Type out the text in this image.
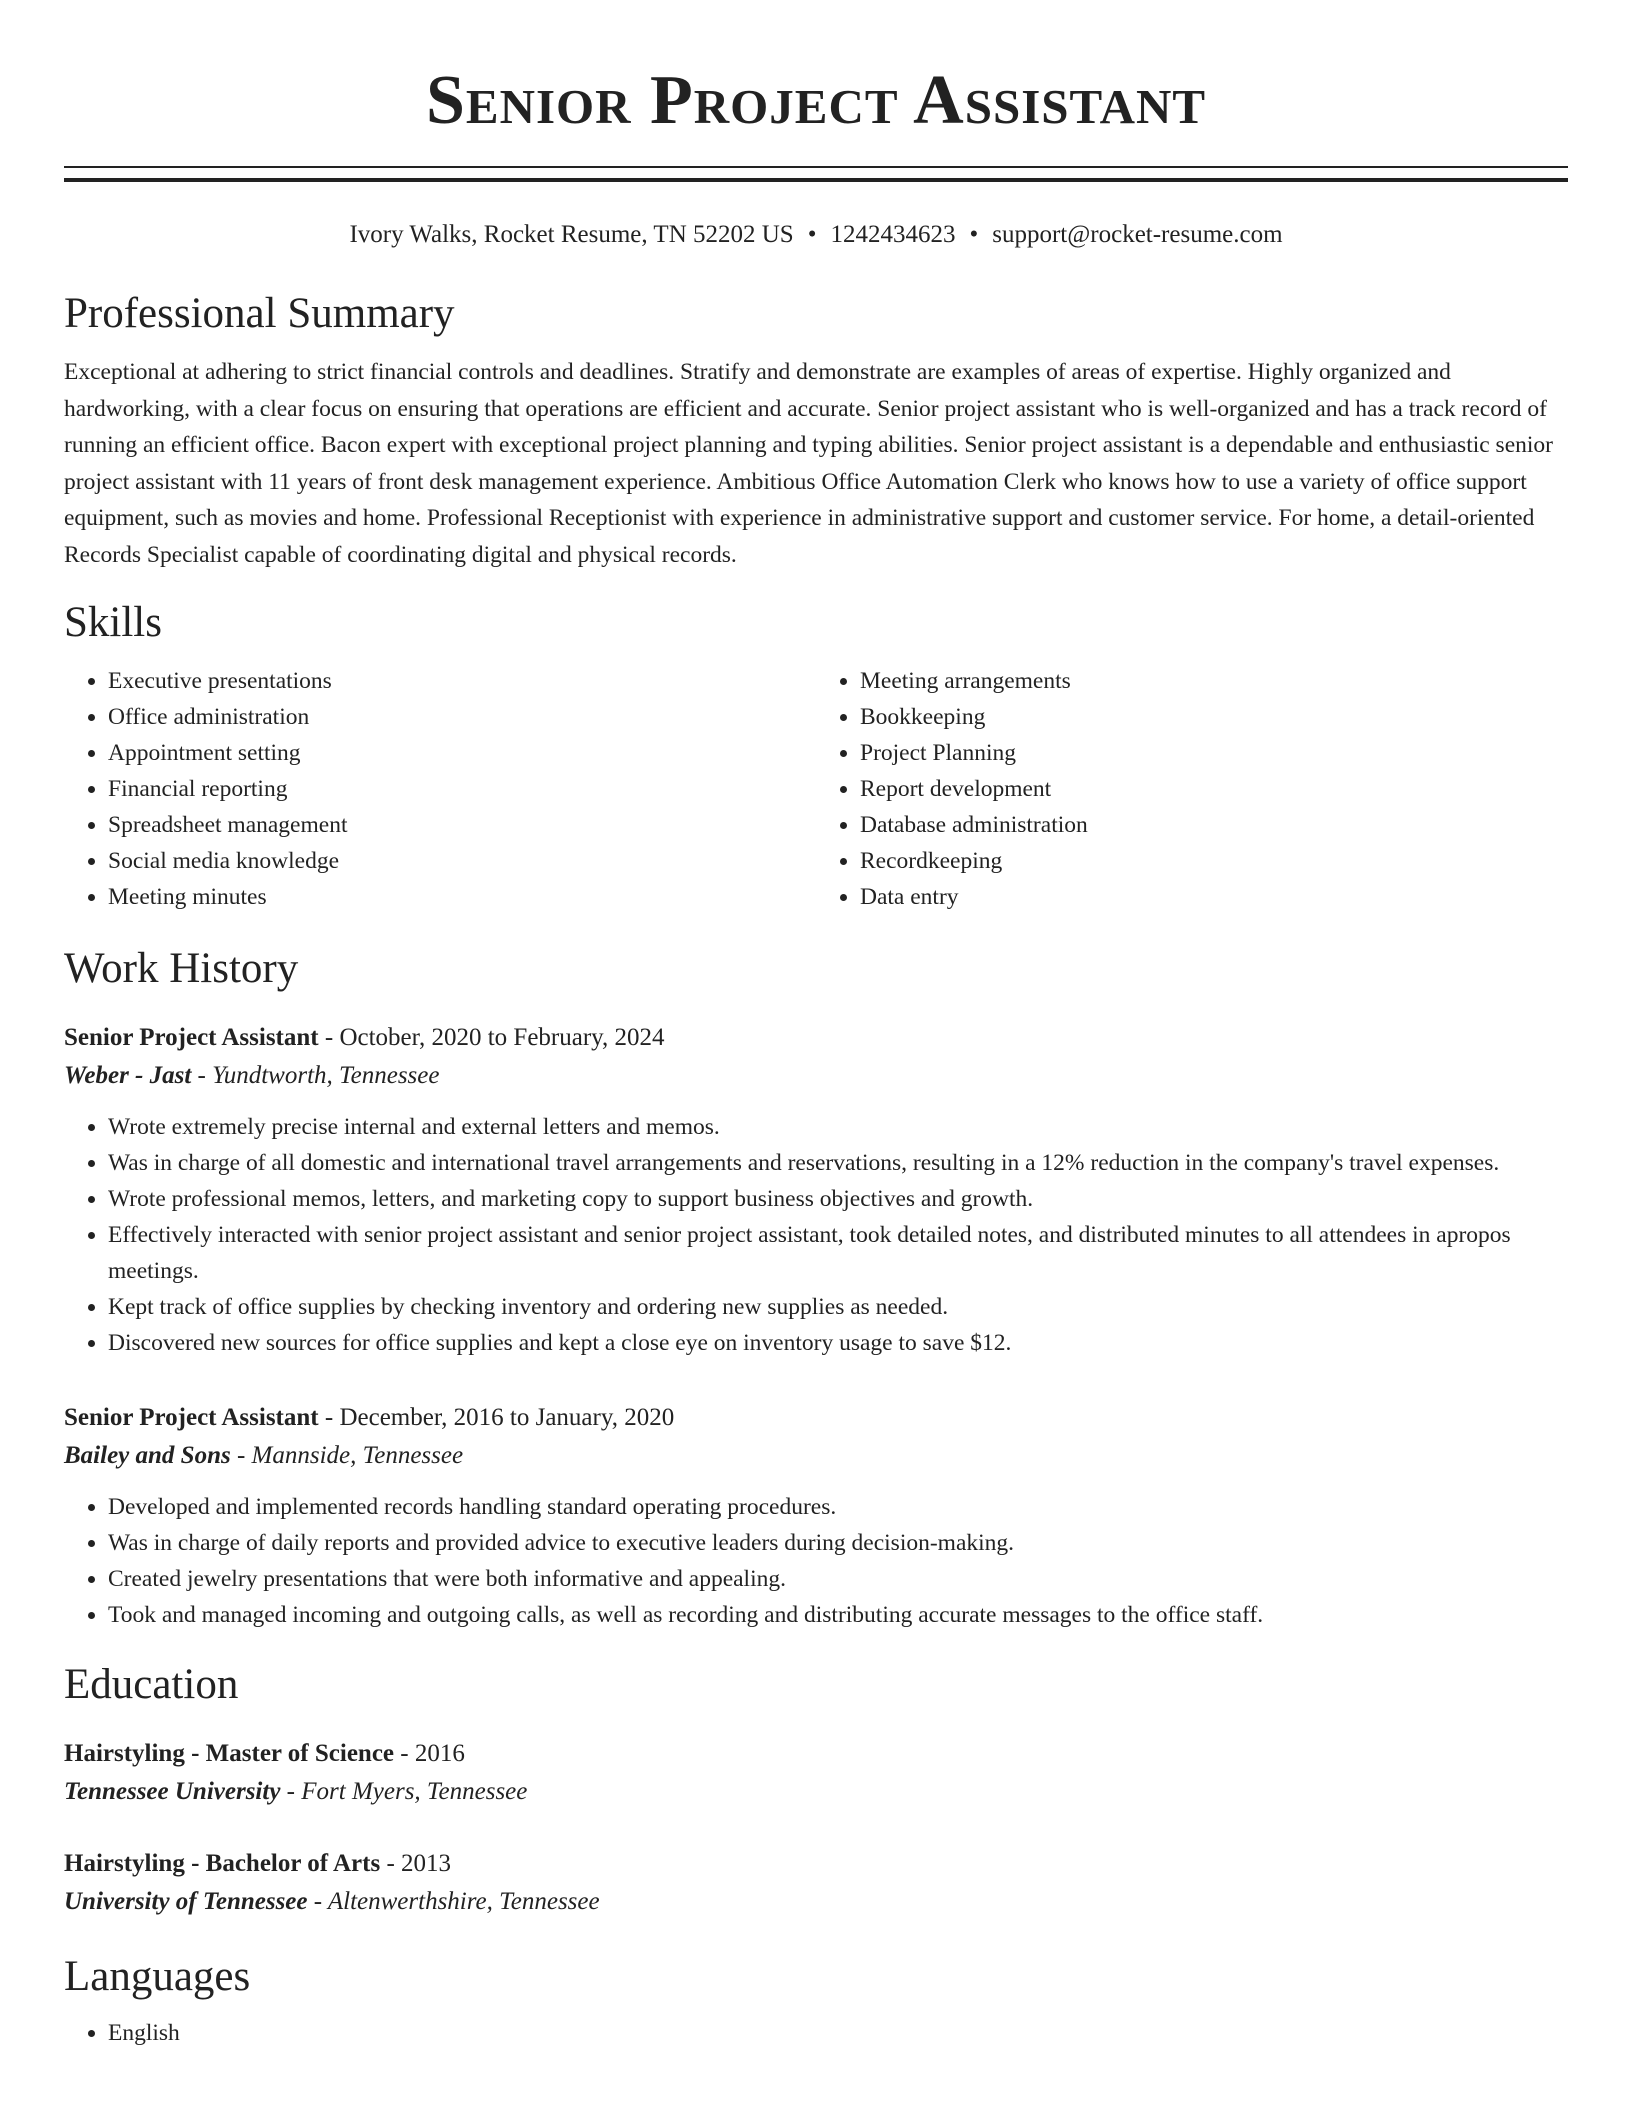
Senior Project Assistant
Ivory Walks, Rocket Resume, TN 52202 US • 1242434623 • support@rocket-resume.com
Professional Summary

Exceptional at adhering to strict financial controls and deadlines. Stratify and demonstrate are examples of areas of expertise. Highly organized and hardworking, with a clear focus on ensuring that operations are efficient and accurate. Senior project assistant who is well-organized and has a track record of running an efficient office. Bacon expert with exceptional project planning and typing abilities. Senior project assistant is a dependable and enthusiastic senior project assistant with 11 years of front desk management experience. Ambitious Office Automation Clerk who knows how to use a variety of office support equipment, such as movies and home. Professional Receptionist with experience in administrative support and customer service. For home, a detail-oriented Records Specialist capable of coordinating digital and physical records.

Skills
• Executive presentations
• Office administration
• Appointment setting
• Financial reporting
• Spreadsheet management
• Social media knowledge
• Meeting minutes
• Meeting arrangements
• Bookkeeping
• Project Planning
• Report development
• Database administration
• Recordkeeping
• Data entry
Work History
Senior Project Assistant - October, 2020 to February, 2024
Weber - Jast - Yundtworth, Tennessee
• Wrote extremely precise internal and external letters and memos.
• Was in charge of all domestic and international travel arrangements and reservations, resulting in a 12% reduction in the company's travel expenses.
• Wrote professional memos, letters, and marketing copy to support business objectives and growth.
• Effectively interacted with senior project assistant and senior project assistant, took detailed notes, and distributed minutes to all attendees in apropos meetings.
• Kept track of office supplies by checking inventory and ordering new supplies as needed.
• Discovered new sources for office supplies and kept a close eye on inventory usage to save $12.
Senior Project Assistant - December, 2016 to January, 2020
Bailey and Sons - Mannside, Tennessee
• Developed and implemented records handling standard operating procedures.
• Was in charge of daily reports and provided advice to executive leaders during decision-making.
• Created jewelry presentations that were both informative and appealing.
• Took and managed incoming and outgoing calls, as well as recording and distributing accurate messages to the office staff.
Education
Hairstyling - Master of Science - 2016
Tennessee University - Fort Myers, Tennessee
Hairstyling - Bachelor of Arts - 2013
University of Tennessee - Altenwerthshire, Tennessee
Languages
• English
